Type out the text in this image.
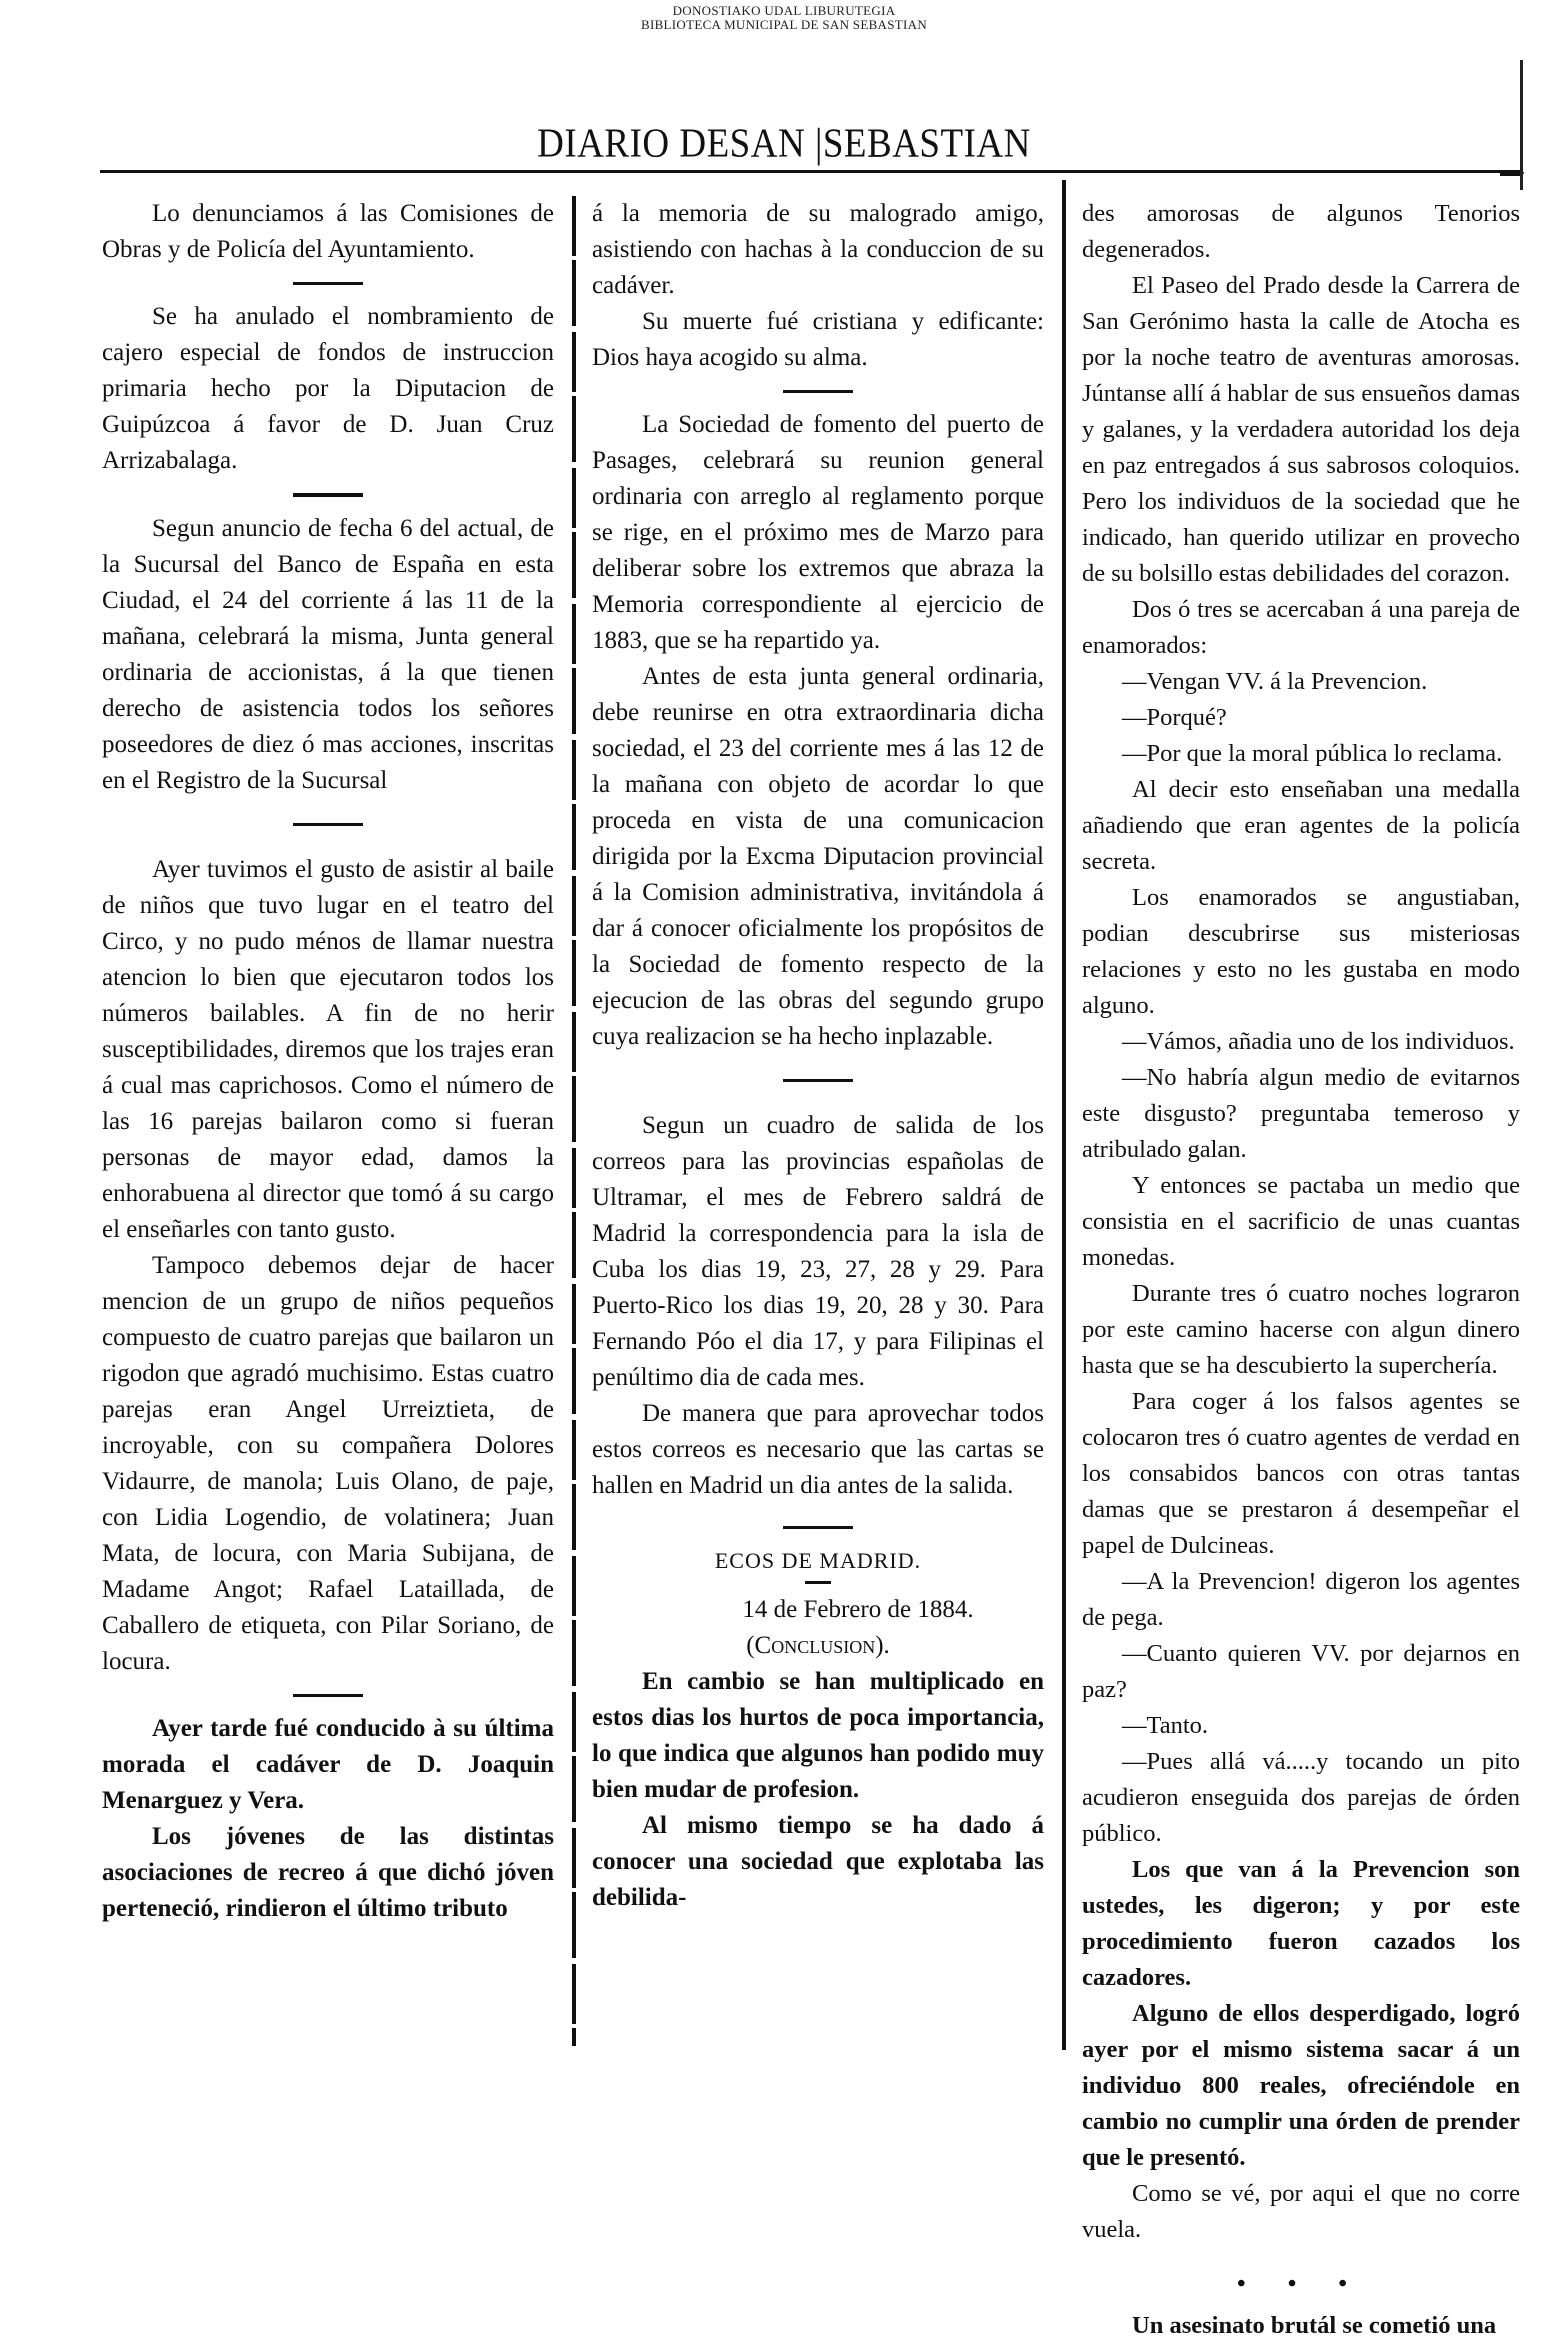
DONOSTIAKO UDAL LIBURUTEGIA
BIBLIOTECA MUNICIPAL DE SAN SEBASTIAN
DIARIO DESAN |SEBASTIAN

Lo denunciamos á las Comisiones de Obras y de Policía del Ayuntamiento.

Se ha anulado el nombramiento de cajero especial de fondos de instruccion primaria hecho por la Diputacion de Guipúzcoa á favor de D. Juan Cruz Arrizabalaga.

Segun anuncio de fecha 6 del actual, de la Sucursal del Banco de España en esta Ciudad, el 24 del corriente á las 11 de la mañana, celebrará la misma, Junta general ordinaria de accionistas, á la que tienen derecho de asistencia todos los señores poseedores de diez ó mas acciones, inscritas en el Registro de la Sucursal

Ayer tuvimos el gusto de asistir al baile de niños que tuvo lugar en el teatro del Circo, y no pudo ménos de llamar nuestra atencion lo bien que ejecutaron todos los números bailables. A fin de no herir susceptibilidades, diremos que los trajes eran á cual mas caprichosos. Como el número de las 16 parejas bailaron como si fueran personas de mayor edad, damos la enhorabuena al director que tomó á su cargo el enseñarles con tanto gusto.

Tampoco debemos dejar de hacer mencion de un grupo de niños pequeños compuesto de cuatro parejas que bailaron un rigodon que agradó muchisimo. Estas cuatro parejas eran Angel Urreiztieta, de incroyable, con su compañera Dolores Vidaurre, de manola; Luis Olano, de paje, con Lidia Logendio, de volatinera; Juan Mata, de locura, con Maria Subijana, de Madame Angot; Rafael Lataillada, de Caballero de etiqueta, con Pilar Soriano, de locura.

Ayer tarde fué conducido à su última morada el cadáver de D. Joaquin Menarguez y Vera.

Los jóvenes de las distintas asociaciones de recreo á que dichó jóven perteneció, rindieron el último tributo

á la memoria de su malogrado amigo, asistiendo con hachas à la conduccion de su cadáver.

Su muerte fué cristiana y edificante: Dios haya acogido su alma.

La Sociedad de fomento del puerto de Pasages, celebrará su reunion general ordinaria con arreglo al reglamento porque se rige, en el próximo mes de Marzo para deliberar sobre los extremos que abraza la Memoria correspondiente al ejercicio de 1883, que se ha repartido ya.

Antes de esta junta general ordinaria, debe reunirse en otra extraordinaria dicha sociedad, el 23 del corriente mes á las 12 de la mañana con objeto de acordar lo que proceda en vista de una comunicacion dirigida por la Excma Diputacion provincial á la Comision administrativa, invitándola á dar á conocer oficialmente los propósitos de la Sociedad de fomento respecto de la ejecucion de las obras del segundo grupo cuya realizacion se ha hecho inplazable.

Segun un cuadro de salida de los correos para las provincias españolas de Ultramar, el mes de Febrero saldrá de Madrid la correspondencia para la isla de Cuba los dias 19, 23, 27, 28 y 29. Para Puerto-Rico los dias 19, 20, 28 y 30. Para Fernando Póo el dia 17, y para Filipinas el penúltimo dia de cada mes.

De manera que para aprovechar todos estos correos es necesario que las cartas se hallen en Madrid un dia antes de la salida.

ECOS DE MADRID.

14 de Febrero de 1884.

(Conclusion).

En cambio se han multiplicado en estos dias los hurtos de poca importancia, lo que indica que algunos han podido muy bien mudar de profesion.

Al mismo tiempo se ha dado á conocer una sociedad que explotaba las debilida-

des amorosas de algunos Tenorios degenerados.

El Paseo del Prado desde la Carrera de San Gerónimo hasta la calle de Atocha es por la noche teatro de aventuras amorosas. Júntanse allí á hablar de sus ensueños damas y galanes, y la verdadera autoridad los deja en paz entregados á sus sabrosos coloquios. Pero los individuos de la sociedad que he indicado, han querido utilizar en provecho de su bolsillo estas debilidades del corazon.

Dos ó tres se acercaban á una pareja de enamorados:

—Vengan VV. á la Prevencion.

—Porqué?

—Por que la moral pública lo reclama.

Al decir esto enseñaban una medalla añadiendo que eran agentes de la policía secreta.

Los enamorados se angustiaban, podian descubrirse sus misteriosas relaciones y esto no les gustaba en modo alguno.

—Vámos, añadia uno de los individuos.

—No habría algun medio de evitarnos este disgusto? preguntaba temeroso y atribulado galan.

Y entonces se pactaba un medio que consistia en el sacrificio de unas cuantas monedas.

Durante tres ó cuatro noches lograron por este camino hacerse con algun dinero hasta que se ha descubierto la superchería.

Para coger á los falsos agentes se colocaron tres ó cuatro agentes de verdad en los consabidos bancos con otras tantas damas que se prestaron á desempeñar el papel de Dulcineas.

—A la Prevencion! digeron los agentes de pega.

—Cuanto quieren VV. por dejarnos en paz?

—Tanto.

—Pues allá vá.....y tocando un pito acudieron enseguida dos parejas de órden público.

Los que van á la Prevencion son ustedes, les digeron; y por este procedimiento fueron cazados los cazadores.

Alguno de ellos desperdigado, logró ayer por el mismo sistema sacar á un individuo 800 reales, ofreciéndole en cambio no cumplir una órden de prender que le presentó.

Como se vé, por aqui el que no corre vuela.

• • •

Un asesinato brutál se cometió una
